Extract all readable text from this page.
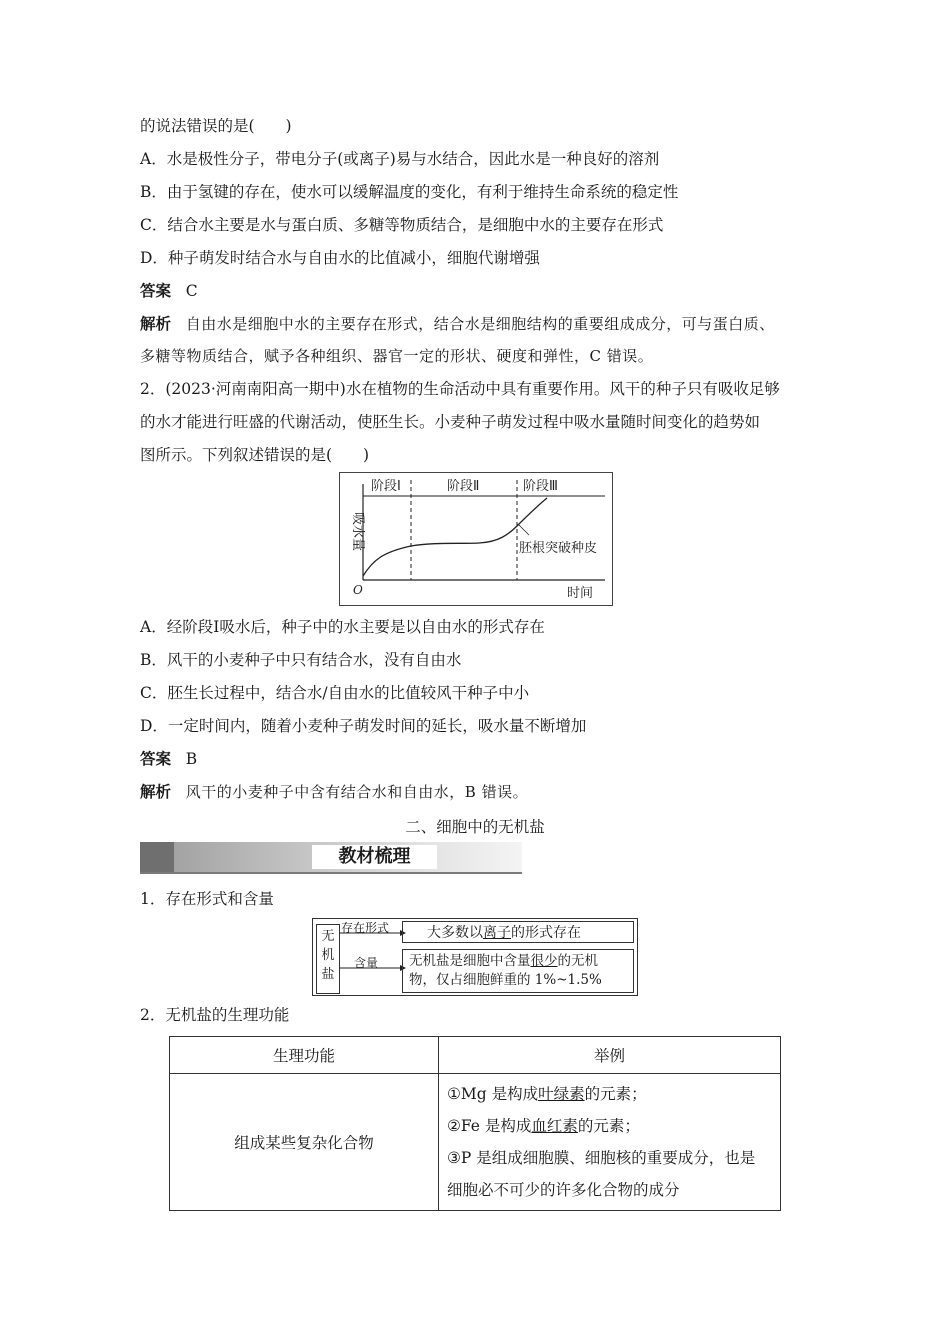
的说法错误的是(　　)
A．水是极性分子，带电分子(或离子)易与水结合，因此水是一种良好的溶剂
B．由于氢键的存在，使水可以缓解温度的变化，有利于维持生命系统的稳定性
C．结合水主要是水与蛋白质、多糖等物质结合，是细胞中水的主要存在形式
D．种子萌发时结合水与自由水的比值减小，细胞代谢增强
答案 C
解析 自由水是细胞中水的主要存在形式，结合水是细胞结构的重要组成成分，可与蛋白质、
多糖等物质结合，赋予各种组织、器官一定的形状、硬度和弹性，C 错误。
2．(2023·河南南阳高一期中)水在植物的生命活动中具有重要作用。风干的种子只有吸收足够
的水才能进行旺盛的代谢活动，使胚生长。小麦种子萌发过程中吸水量随时间变化的趋势如
图所示。下列叙述错误的是(　　)
吸水量
阶段Ⅰ	阶段Ⅱ	阶段Ⅲ
胚根突破种皮
O	时间
A．经阶段Ⅰ吸水后，种子中的水主要是以自由水的形式存在
B．风干的小麦种子中只有结合水，没有自由水
C．胚生长过程中，结合水/自由水的比值较风干种子中小
D．一定时间内，随着小麦种子萌发时间的延长，吸水量不断增加
答案 B
解析 风干的小麦种子中含有结合水和自由水，B 错误。
二、细胞中的无机盐
教材梳理
1．存在形式和含量
无
机
盐
存在形式
含量
大多数以离子的形式存在
无机盐是细胞中含量很少的无机
物，仅占细胞鲜重的 1%~1.5%
2．无机盐的生理功能
生理功能	举例
组成某些复杂化合物	①Mg 是构成叶绿素的元素；
②Fe 是构成血红素的元素；
③P 是组成细胞膜、细胞核的重要成分，也是
细胞必不可少的许多化合物的成分
